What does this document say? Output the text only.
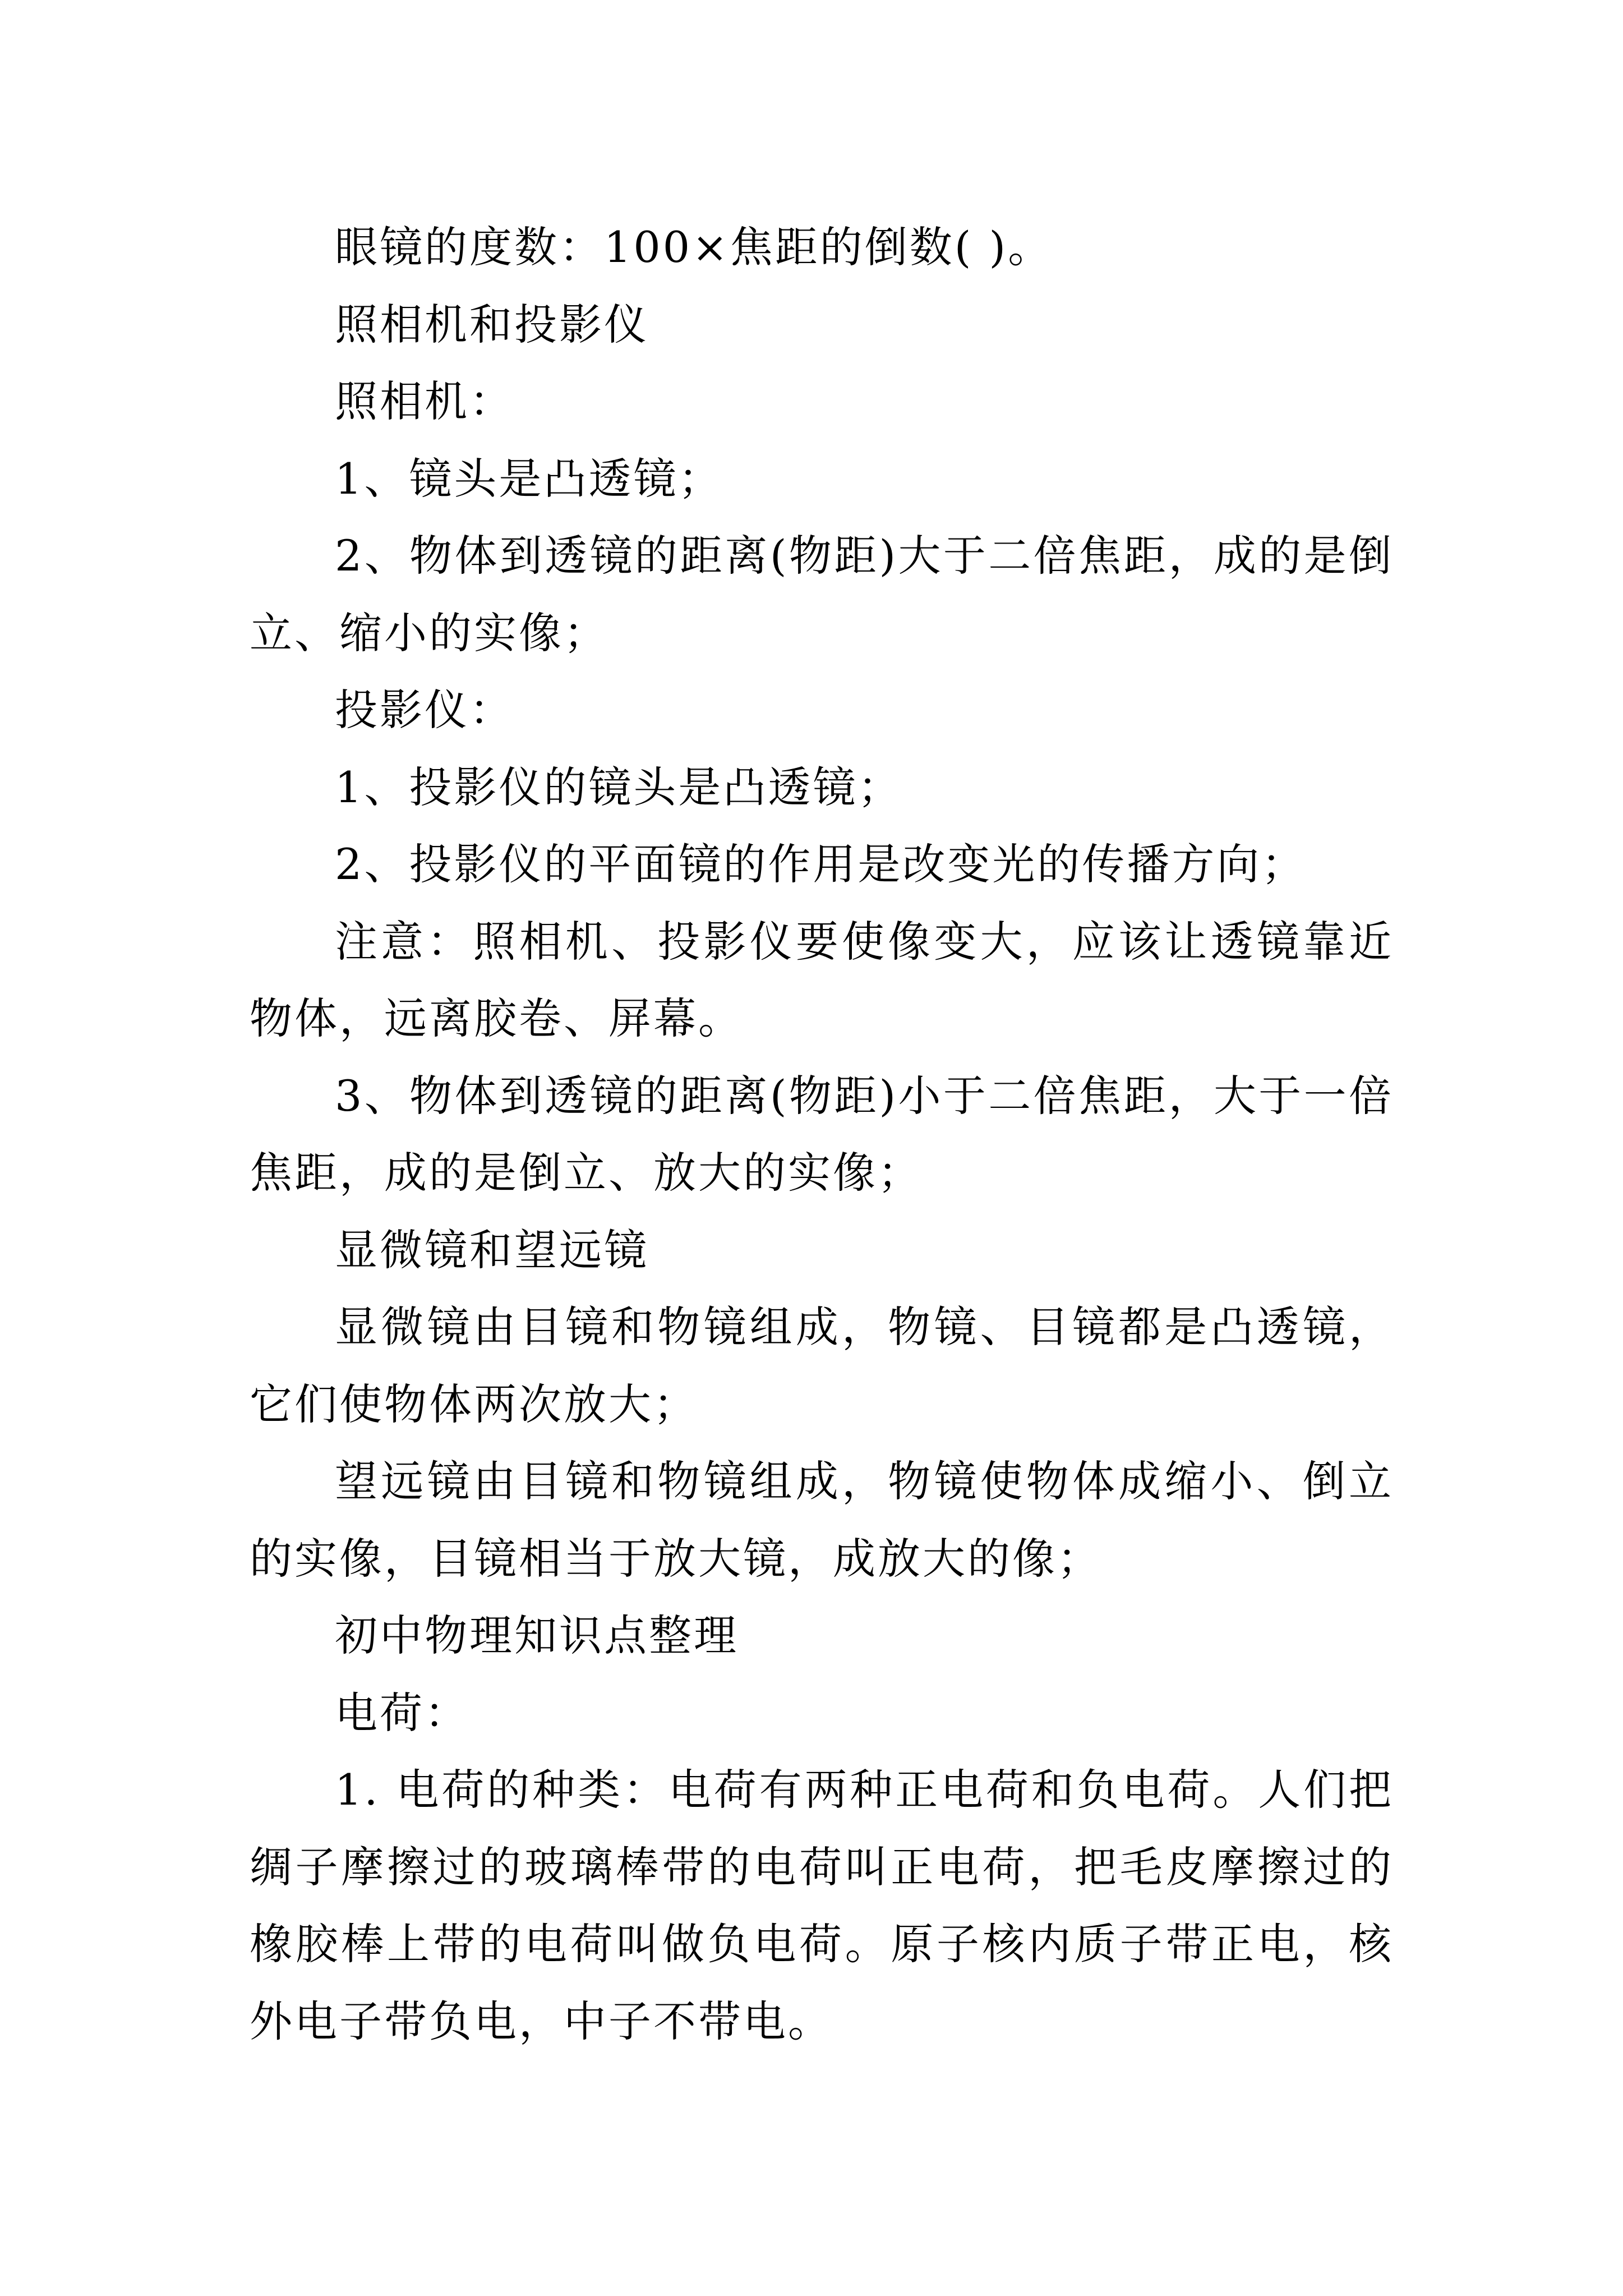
眼镜的度数：100×焦距的倒数( )。

照相机和投影仪

照相机：

1、镜头是凸透镜；

2、物体到透镜的距离(物距)大于二倍焦距，成的是倒立、缩小的实像；

投影仪：

1、投影仪的镜头是凸透镜；

2、投影仪的平面镜的作用是改变光的传播方向；

注意：照相机、投影仪要使像变大，应该让透镜靠近物体，远离胶卷、屏幕。

3、物体到透镜的距离(物距)小于二倍焦距，大于一倍焦距，成的是倒立、放大的实像；

显微镜和望远镜

显微镜由目镜和物镜组成，物镜、目镜都是凸透镜，它们使物体两次放大；

望远镜由目镜和物镜组成，物镜使物体成缩小、倒立的实像，目镜相当于放大镜，成放大的像；

初中物理知识点整理

电荷：

1. 电荷的种类：电荷有两种正电荷和负电荷。人们把绸子摩擦过的玻璃棒带的电荷叫正电荷，把毛皮摩擦过的橡胶棒上带的电荷叫做负电荷。原子核内质子带正电，核外电子带负电，中子不带电。
